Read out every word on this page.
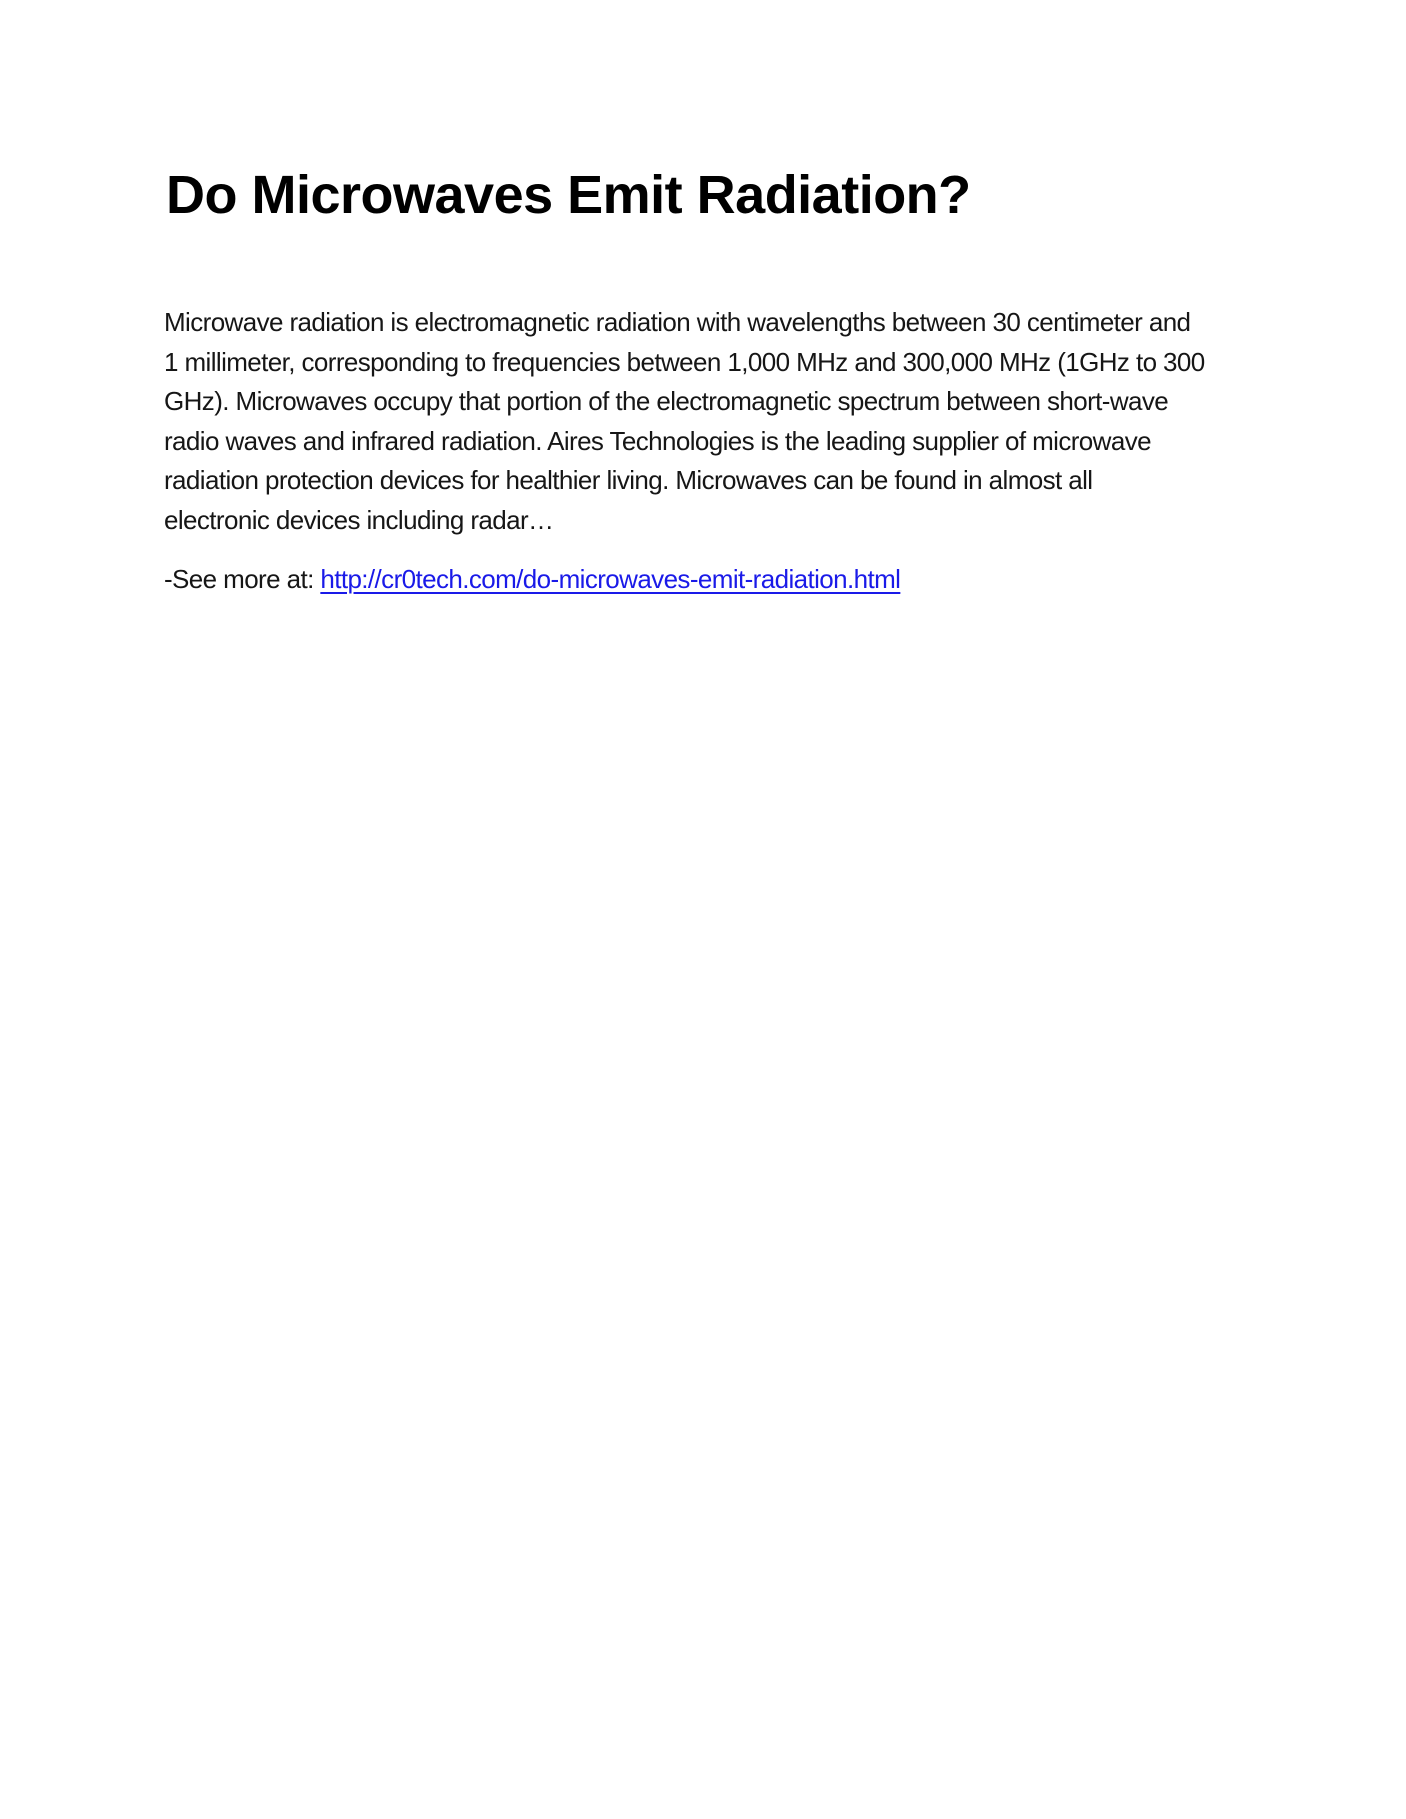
Do Microwaves Emit Radiation?
Microwave radiation is electromagnetic radiation with wavelengths between 30 centimeter and
1 millimeter, corresponding to frequencies between 1,000 MHz and 300,000 MHz (1GHz to 300
GHz). Microwaves occupy that portion of the electromagnetic spectrum between short-wave
radio waves and infrared radiation. Aires Technologies is the leading supplier of microwave
radiation protection devices for healthier living. Microwaves can be found in almost all
electronic devices including radar…

-See more at: http://cr0tech.com/do-microwaves-emit-radiation.html
